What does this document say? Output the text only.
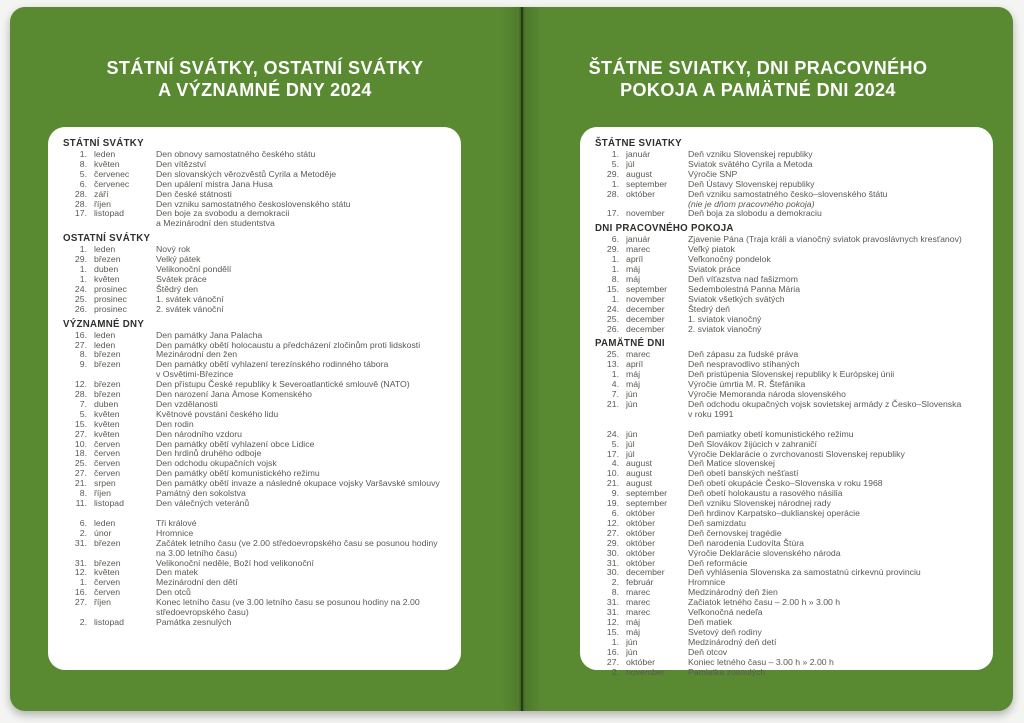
STÁTNÍ SVÁTKY, OSTATNÍ SVÁTKY
A VÝZNAMNÉ DNY 2024
ŠTÁTNE SVIATKY, DNI PRACOVNÉHO
POKOJA A PAMÄTNÉ DNI 2024
STÁTNÍ SVÁTKY
1. leden	Den obnovy samostatného českého státu
8. květen	Den vítězství
5. červenec	Den slovanských věrozvěstů Cyrila a Metoděje
6. červenec	Den upálení mistra Jana Husa
28. září	Den české státnosti
28. říjen	Den vzniku samostatného československého státu
17. listopad	Den boje za svobodu a demokracii
a Mezinárodní den studentstva
OSTATNÍ SVÁTKY
1. leden	Nový rok
29. březen	Velký pátek
1. duben	Velikonoční pondělí
1. květen	Svátek práce
24. prosinec	Štědrý den
25. prosinec	1. svátek vánoční
26. prosinec	2. svátek vánoční
VÝZNAMNÉ DNY
16. leden	Den památky Jana Palacha
27. leden	Den památky obětí holocaustu a předcházení zločinům proti lidskosti
8. březen	Mezinárodní den žen
9. březen	Den památky obětí vyhlazení terezínského rodinného tábora
v Osvětimi-Březince
12. březen	Den přístupu České republiky k Severoatlantické smlouvě (NATO)
28. březen	Den narození Jana Ámose Komenského
7. duben	Den vzdělanosti
5. květen	Květnové povstání českého lidu
15. květen	Den rodin
27. květen	Den národního vzdoru
10. červen	Den památky obětí vyhlazení obce Lidice
18. červen	Den hrdinů druhého odboje
25. červen	Den odchodu okupačních vojsk
27. červen	Den památky obětí komunistického režimu
21. srpen	Den památky obětí invaze a následné okupace vojsky Varšavské smlouvy
8. říjen	Památný den sokolstva
11. listopad	Den válečných veteránů
6. leden	Tři králové
2. únor	Hromnice
31. březen	Začátek letního času (ve 2.00 středoevropského času se posunou hodiny
na 3.00 letního času)
31. březen	Velikonoční neděle, Boží hod velikonoční
12. květen	Den matek
1. červen	Mezinárodní den dětí
16. červen	Den otců
27. říjen	Konec letního času (ve 3.00 letního času se posunou hodiny na 2.00
středoevropského času)
2. listopad	Památka zesnulých
ŠTÁTNE SVIATKY
1. január	Deň vzniku Slovenskej republiky
5. júl	Sviatok svätého Cyrila a Metoda
29. august	Výročie SNP
1. september	Deň Ústavy Slovenskej republiky
28. október	Deň vzniku samostatného česko–slovenského štátu
(nie je dňom pracovného pokoja)
17. november	Deň boja za slobodu a demokraciu
DNI PRACOVNÉHO POKOJA
6. január	Zjavenie Pána (Traja králi a vianočný sviatok pravoslávnych kresťanov)
29. marec	Veľký piatok
1. apríl	Veľkonočný pondelok
1. máj	Sviatok práce
8. máj	Deň víťazstva nad fašizmom
15. september	Sedembolestná Panna Mária
1. november	Sviatok všetkých svätých
24. december	Štedrý deň
25. december	1. sviatok vianočný
26. december	2. sviatok vianočný
PAMÄTNÉ DNI
25. marec	Deň zápasu za ľudské práva
13. apríl	Deň nespravodlivo stíhaných
1. máj	Deň pristúpenia Slovenskej republiky k Európskej únii
4. máj	Výročie úmrtia M. R. Štefánika
7. jún	Výročie Memoranda národa slovenského
21. jún	Deň odchodu okupačných vojsk sovietskej armády z Česko–Slovenska
v roku 1991
24. jún	Deň pamiatky obetí komunistického režimu
5. júl	Deň Slovákov žijúcich v zahraničí
17. júl	Výročie Deklarácie o zvrchovanosti Slovenskej republiky
4. august	Deň Matice slovenskej
10. august	Deň obetí banských nešťastí
21. august	Deň obetí okupácie Česko–Slovenska v roku 1968
9. september	Deň obetí holokaustu a rasového násilia
19. september	Deň vzniku Slovenskej národnej rady
6. október	Deň hrdinov Karpatsko–duklianskej operácie
12. október	Deň samizdatu
27. október	Deň černovskej tragédie
29. október	Deň narodenia Ľudovíta Štúra
30. október	Výročie Deklarácie slovenského národa
31. október	Deň reformácie
30. december	Deň vyhlásenia Slovenska za samostatnú cirkevnú provinciu
2. február	Hromnice
8. marec	Medzinárodný deň žien
31. marec	Začiatok letného času – 2.00 h » 3.00 h
31. marec	Veľkonočná nedeľa
12. máj	Deň matiek
15. máj	Svetový deň rodiny
1. jún	Medzinárodný deň detí
16. jún	Deň otcov
27. október	Koniec letného času – 3.00 h » 2.00 h
2. november	Pamiatka zosnulých
